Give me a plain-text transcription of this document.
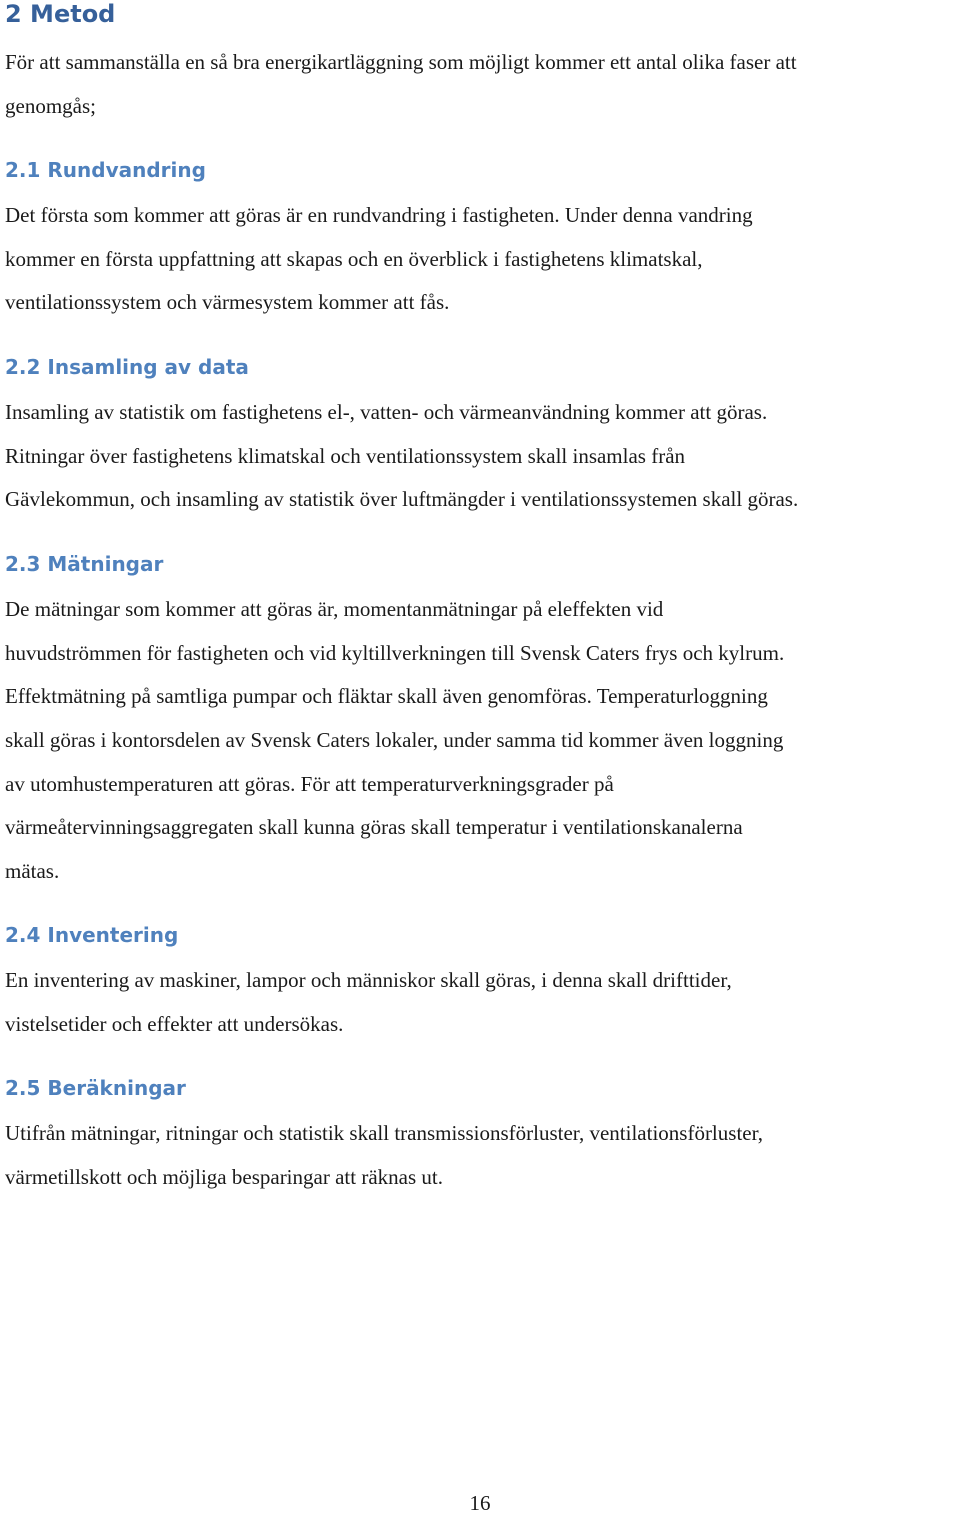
2 Metod
För att sammanställa en så bra energikartläggning som möjligt kommer ett antal olika faser att
genomgås;
2.1 Rundvandring
Det första som kommer att göras är en rundvandring i fastigheten. Under denna vandring
kommer en första uppfattning att skapas och en överblick i fastighetens klimatskal,
ventilationssystem och värmesystem kommer att fås.
2.2 Insamling av data
Insamling av statistik om fastighetens el-, vatten- och värmeanvändning kommer att göras.
Ritningar över fastighetens klimatskal och ventilationssystem skall insamlas från
Gävlekommun, och insamling av statistik över luftmängder i ventilationssystemen skall göras.
2.3 Mätningar
De mätningar som kommer att göras är, momentanmätningar på eleffekten vid
huvudströmmen för fastigheten och vid kyltillverkningen till Svensk Caters frys och kylrum.
Effektmätning på samtliga pumpar och fläktar skall även genomföras. Temperaturloggning
skall göras i kontorsdelen av Svensk Caters lokaler, under samma tid kommer även loggning
av utomhustemperaturen att göras. För att temperaturverkningsgrader på
värmeåtervinningsaggregaten skall kunna göras skall temperatur i ventilationskanalerna
mätas.
2.4 Inventering
En inventering av maskiner, lampor och människor skall göras, i denna skall drifttider,
vistelsetider och effekter att undersökas.
2.5 Beräkningar
Utifrån mätningar, ritningar och statistik skall transmissionsförluster, ventilationsförluster,
värmetillskott och möjliga besparingar att räknas ut.
16
